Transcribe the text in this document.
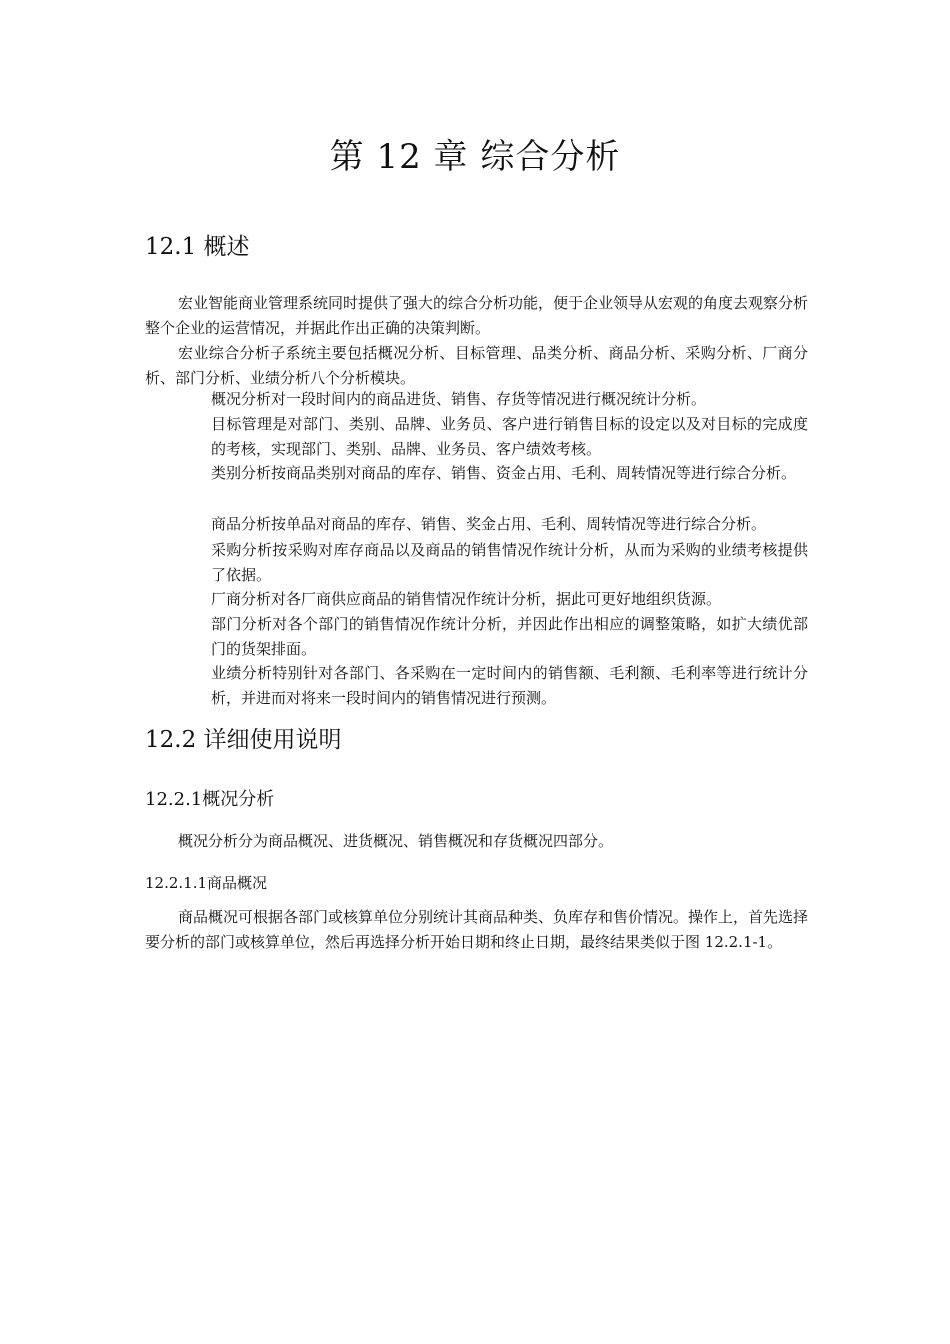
第 12 章 综合分析
12.1 概述
宏业智能商业管理系统同时提供了强大的综合分析功能，便于企业领导从宏观的角度去观察分析整个企业的运营情况，并据此作出正确的决策判断。
宏业综合分析子系统主要包括概况分析、目标管理、品类分析、商品分析、采购分析、厂商分析、部门分析、业绩分析八个分析模块。
概况分析对一段时间内的商品进货、销售、存货等情况进行概况统计分析。
目标管理是对部门、类别、品牌、业务员、客户进行销售目标的设定以及对目标的完成度的考核，实现部门、类别、品牌、业务员、客户绩效考核。
类别分析按商品类别对商品的库存、销售、资金占用、毛利、周转情况等进行综合分析。
商品分析按单品对商品的库存、销售、奖金占用、毛利、周转情况等进行综合分析。
采购分析按采购对库存商品以及商品的销售情况作统计分析，从而为采购的业绩考核提供了依据。
厂商分析对各厂商供应商品的销售情况作统计分析，据此可更好地组织货源。
部门分析对各个部门的销售情况作统计分析，并因此作出相应的调整策略，如扩大绩优部门的货架排面。
业绩分析特别针对各部门、各采购在一定时间内的销售额、毛利额、毛利率等进行统计分析，并进而对将来一段时间内的销售情况进行预测。
12.2 详细使用说明
12.2.1概况分析
概况分析分为商品概况、进货概况、销售概况和存货概况四部分。
12.2.1.1商品概况
商品概况可根据各部门或核算单位分别统计其商品种类、负库存和售价情况。操作上，首先选择要分析的部门或核算单位，然后再选择分析开始日期和终止日期，最终结果类似于图 12.2.1-1。
